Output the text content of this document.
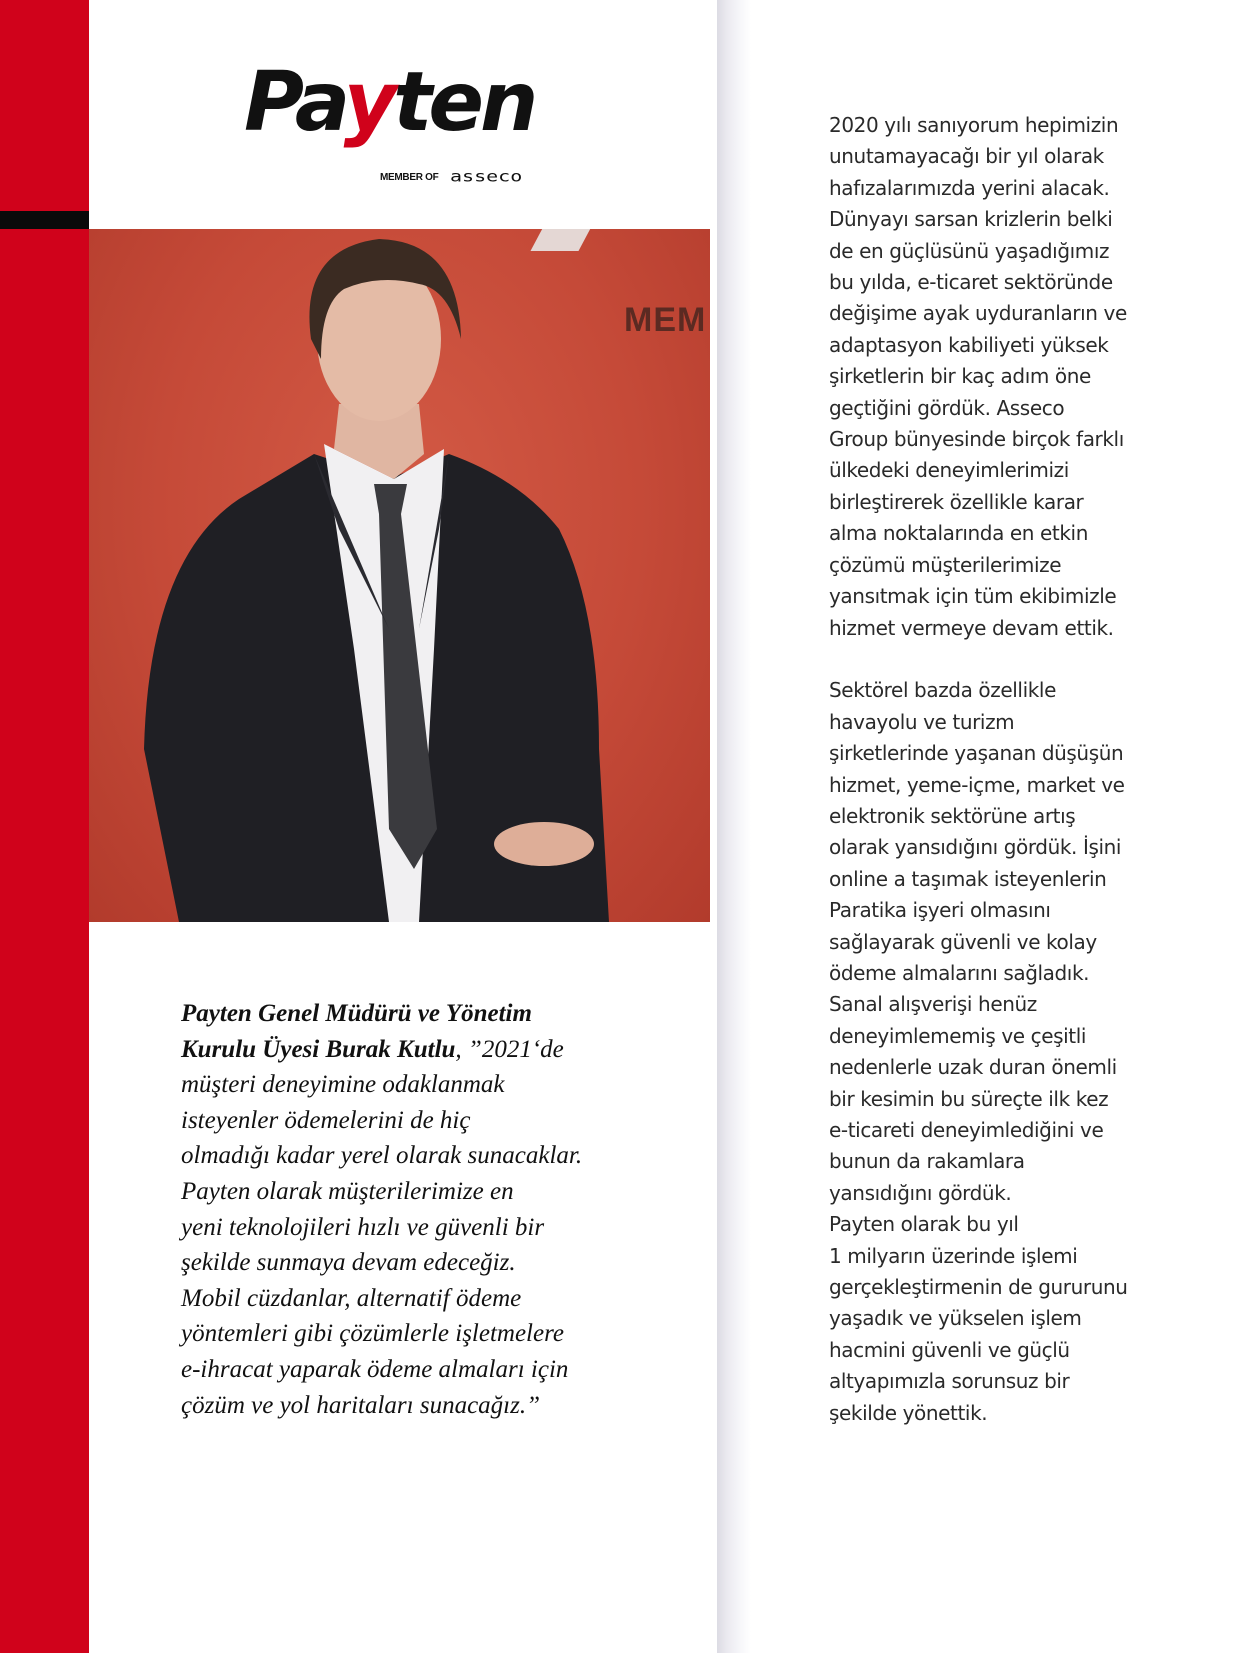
Payten
MEMBER OF asseco
MEM
Payten Genel Müdürü ve Yönetim
Kurulu Üyesi Burak Kutlu, ”2021‘de
müşteri deneyimine odaklanmak
isteyenler ödemelerini de hiç
olmadığı kadar yerel olarak sunacaklar.
Payten olarak müşterilerimize en
yeni teknolojileri hızlı ve güvenli bir
şekilde sunmaya devam edeceğiz.
Mobil cüzdanlar, alternatif ödeme
yöntemleri gibi çözümlerle işletmelere
e-ihracat yaparak ödeme almaları için
çözüm ve yol haritaları sunacağız.”
2020 yılı sanıyorum hepimizin
unutamayacağı bir yıl olarak
hafızalarımızda yerini alacak.
Dünyayı sarsan krizlerin belki
de en güçlüsünü yaşadığımız
bu yılda, e-ticaret sektöründe
değişime ayak uyduranların ve
adaptasyon kabiliyeti yüksek
şirketlerin bir kaç adım öne
geçtiğini gördük. Asseco
Group bünyesinde birçok farklı
ülkedeki deneyimlerimizi
birleştirerek özellikle karar
alma noktalarında en etkin
çözümü müşterilerimize
yansıtmak için tüm ekibimizle
hizmet vermeye devam ettik.
Sektörel bazda özellikle
havayolu ve turizm
şirketlerinde yaşanan düşüşün
hizmet, yeme-içme, market ve
elektronik sektörüne artış
olarak yansıdığını gördük. İşini
online a taşımak isteyenlerin
Paratika işyeri olmasını
sağlayarak güvenli ve kolay
ödeme almalarını sağladık.
Sanal alışverişi henüz
deneyimlememiş ve çeşitli
nedenlerle uzak duran önemli
bir kesimin bu süreçte ilk kez
e-ticareti deneyimlediğini ve
bunun da rakamlara
yansıdığını gördük.
Payten olarak bu yıl
1 milyarın üzerinde işlemi
gerçekleştirmenin de gururunu
yaşadık ve yükselen işlem
hacmini güvenli ve güçlü
altyapımızla sorunsuz bir
şekilde yönettik.
